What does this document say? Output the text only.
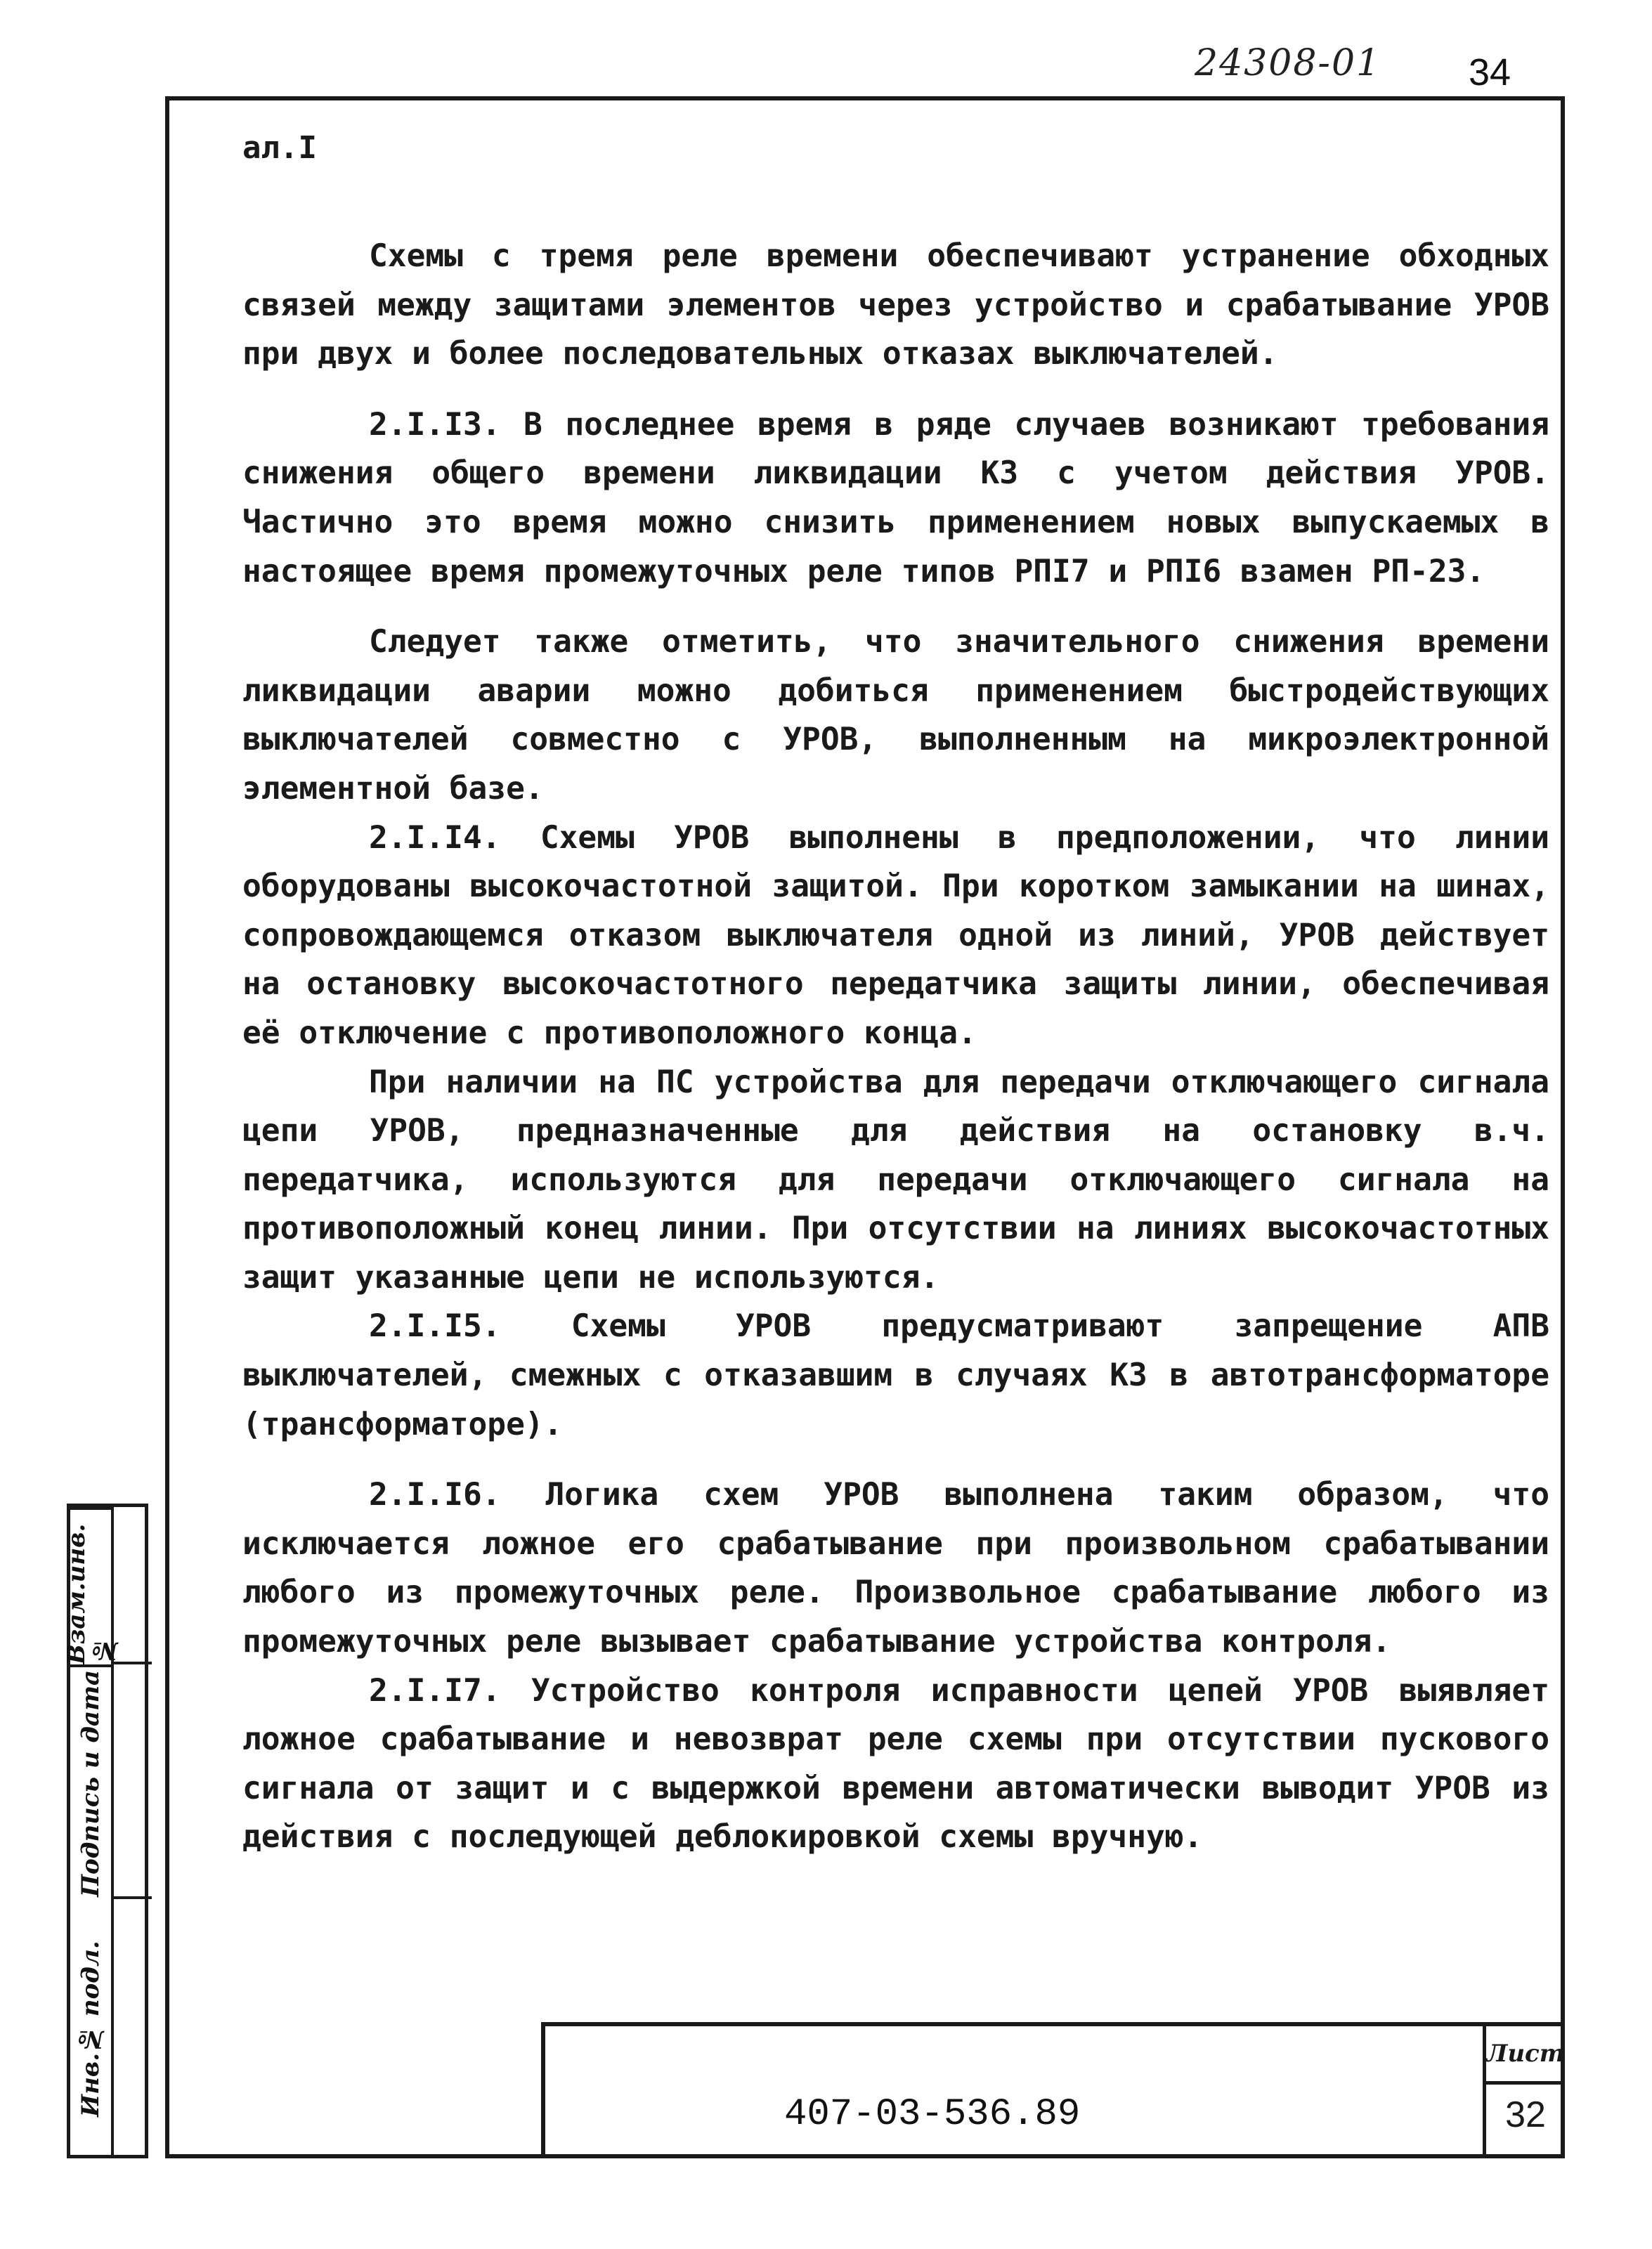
24308-01 34
ал.I

Схемы с тремя реле времени обеспечивают устранение обходных связей между защитами элементов через устройство и срабатывание УРОВ при двух и более последовательных отказах выключателей.

2.I.I3. В последнее время в ряде случаев возникают требования снижения общего времени ликвидации КЗ с учетом действия УРОВ. Частично это время можно снизить применением новых выпускаемых в настоящее время промежуточных реле типов РПI7 и РПI6 взамен РП-23.

Следует также отметить, что значительного снижения времени ликвидации аварии можно добиться применением быстродействующих выключателей совместно с УРОВ, выполненным на микроэлектронной элементной базе.

2.I.I4. Схемы УРОВ выполнены в предположении, что линии оборудованы высокочастотной защитой. При коротком замыкании на шинах, сопровождающемся отказом выключателя одной из линий, УРОВ действует на остановку высокочастотного передатчика защиты линии, обеспечивая её отключение с противоположного конца.

При наличии на ПС устройства для передачи отключающего сигнала цепи УРОВ, предназначенные для действия на остановку в.ч. передатчика, используются для передачи отключающего сигнала на противоположный конец линии. При отсутствии на линиях высокочастотных защит указанные цепи не используются.

2.I.I5. Схемы УРОВ предусматривают запрещение АПВ выключателей, смежных с отказавшим в случаях КЗ в автотрансформаторе (трансформаторе).

2.I.I6. Логика схем УРОВ выполнена таким образом, что исключается ложное его срабатывание при произвольном срабатывании любого из промежуточных реле. Произвольное срабатывание любого из промежуточных реле вызывает срабатывание устройства контроля.

2.I.I7. Устройство контроля исправности цепей УРОВ выявляет ложное срабатывание и невозврат реле схемы при отсутствии пускового сигнала от защит и с выдержкой времени автоматически выводит УРОВ из действия с последующей деблокировкой схемы вручную.

Взам.инв.№
Подпись и дата
Инв.№ подл.	407-03-536.89
Лист
32
